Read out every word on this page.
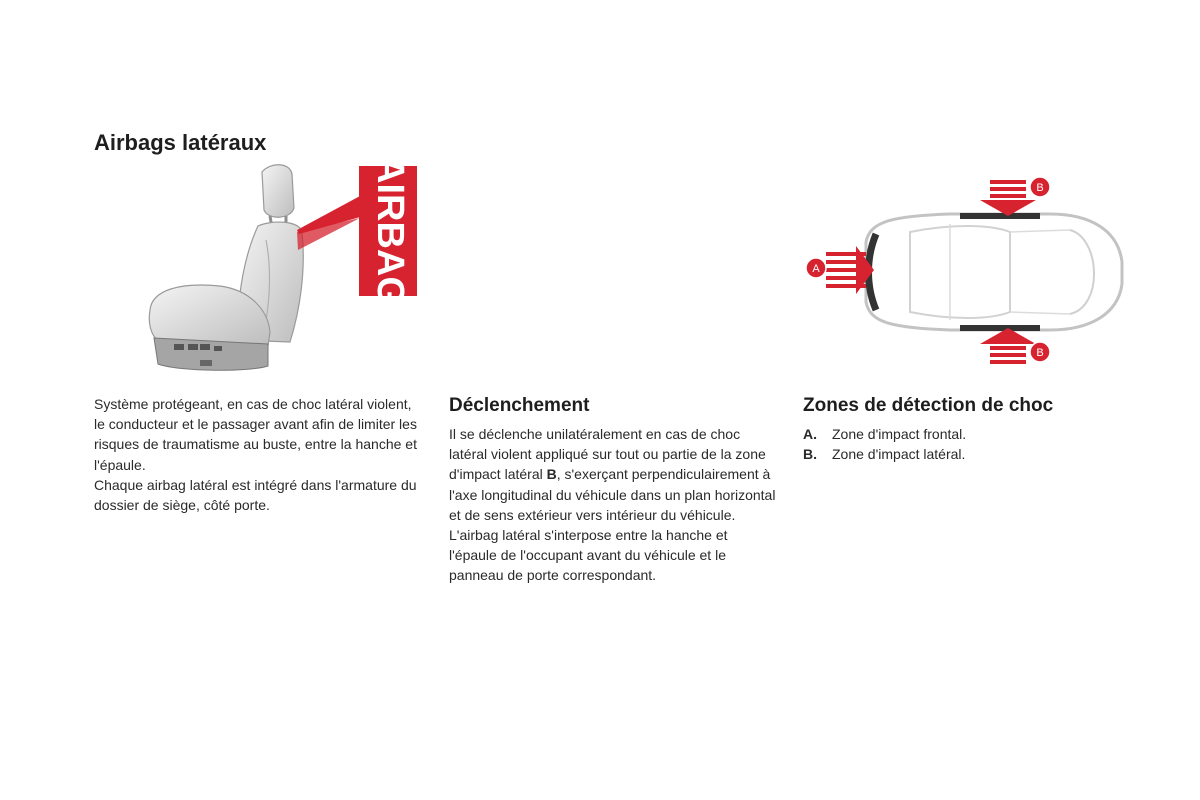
Airbags latéraux
AIRBAG	A
B
B

Système protégeant, en cas de choc latéral violent, le conducteur et le passager avant afin de limiter les risques de traumatisme au buste, entre la hanche et l'épaule.

Chaque airbag latéral est intégré dans l'armature du dossier de siège, côté porte.

Déclenchement

Il se déclenche unilatéralement en cas de choc latéral violent appliqué sur tout ou partie de la zone d'impact latéral B, s'exerçant perpendiculairement à l'axe longitudinal du véhicule dans un plan horizontal et de sens extérieur vers intérieur du véhicule.

L'airbag latéral s'interpose entre la hanche et l'épaule de l'occupant avant du véhicule et le panneau de porte correspondant.

Zones de détection de choc
A. Zone d'impact frontal.
B. Zone d'impact latéral.
